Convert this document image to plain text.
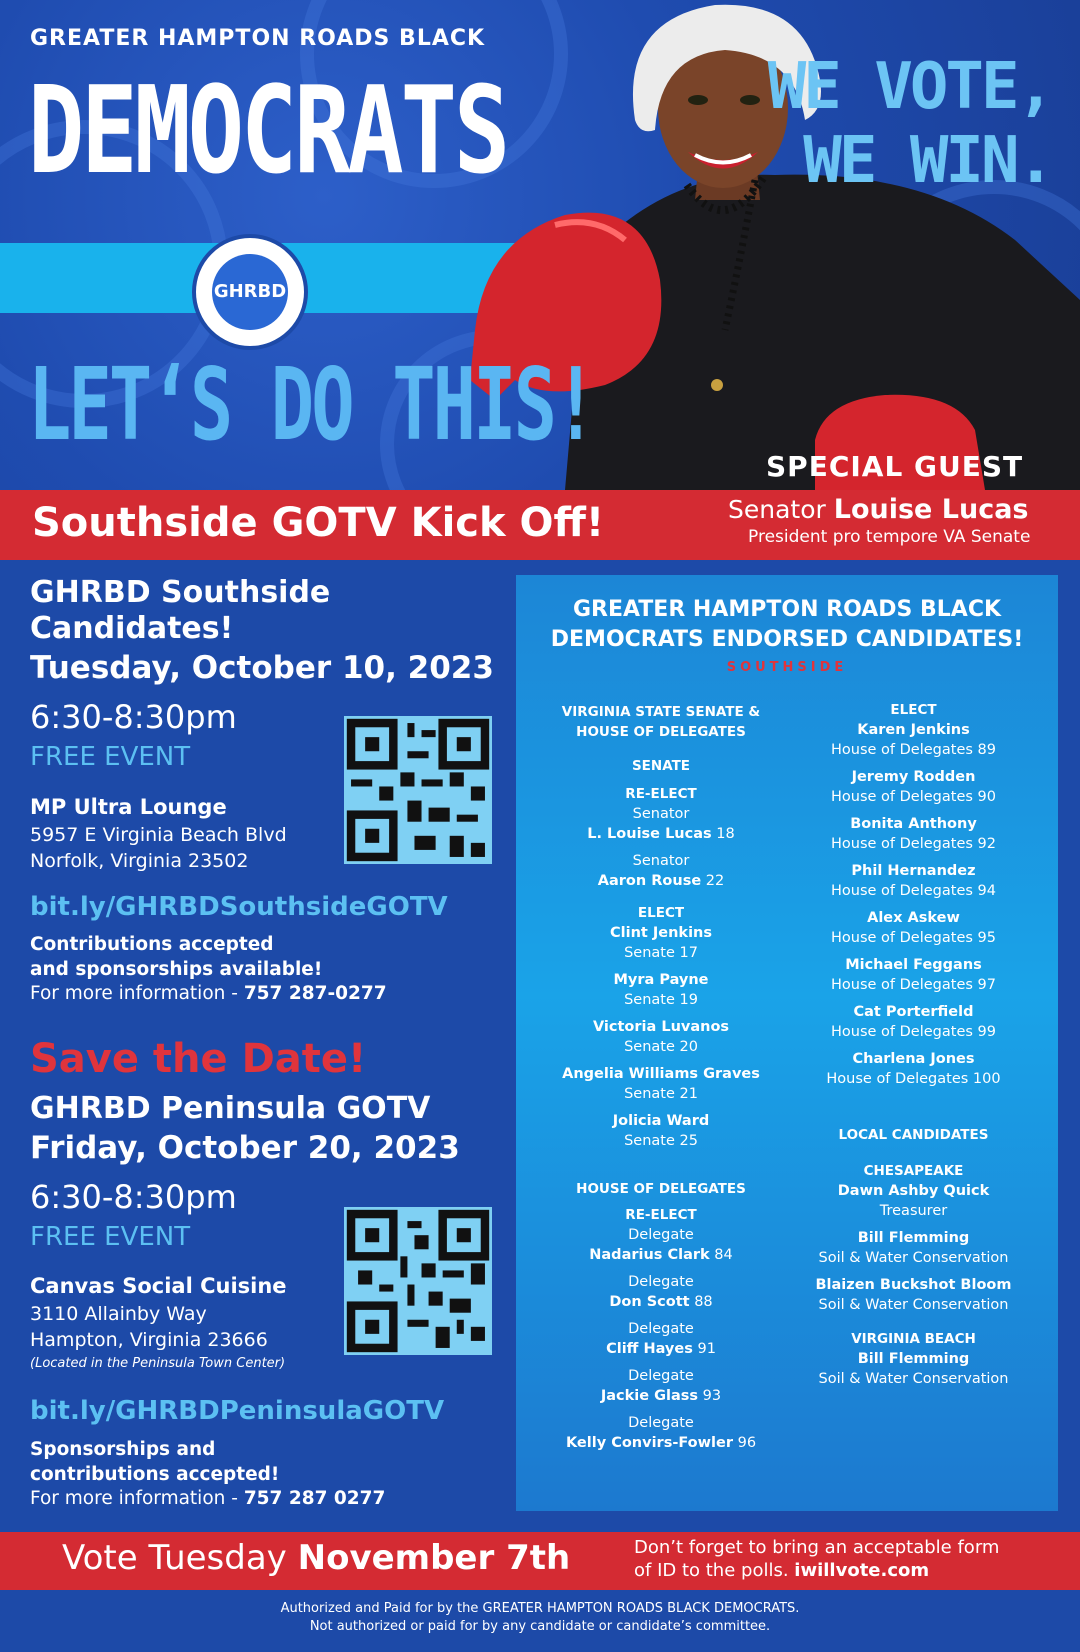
GREATER HAMPTON ROADS BLACK
DEMOCRATS
GHRBD
LET‘S DO THIS!
WE VOTE,
WE WIN.
SPECIAL GUEST
Southside GOTV Kick Off!	Senator Louise Lucas
President pro tempore VA Senate
GHRBD Southside
Candidates!
Tuesday, October 10, 2023
6:30-8:30pm
FREE EVENT
MP Ultra Lounge
5957 E Virginia Beach Blvd
Norfolk, Virginia 23502
bit.ly/GHRBDSouthsideGOTV
Contributions accepted
and sponsorships available!
For more information - 757 287-0277
Save the Date!
GHRBD Peninsula GOTV
Friday, October 20, 2023
6:30-8:30pm
FREE EVENT
Canvas Social Cuisine
3110 Allainby Way
Hampton, Virginia 23666
(Located in the Peninsula Town Center)
bit.ly/GHRBDPeninsulaGOTV
Sponsorships and
contributions accepted!
For more information - 757 287 0277
GREATER HAMPTON ROADS BLACK
DEMOCRATS ENDORSED CANDIDATES!
SOUTHSIDE
VIRGINIA STATE SENATE &
HOUSE OF DELEGATES
SENATE
RE-ELECT
Senator
L. Louise Lucas 18
Senator
Aaron Rouse 22
ELECT
Clint Jenkins
Senate 17
Myra Payne
Senate 19
Victoria Luvanos
Senate 20
Angelia Williams Graves
Senate 21
Jolicia Ward
Senate 25
HOUSE OF DELEGATES
RE-ELECT
Delegate
Nadarius Clark 84
Delegate
Don Scott 88
Delegate
Cliff Hayes 91
Delegate
Jackie Glass 93
Delegate
Kelly Convirs-Fowler 96
ELECT
Karen Jenkins
House of Delegates 89
Jeremy Rodden
House of Delegates 90
Bonita Anthony
House of Delegates 92
Phil Hernandez
House of Delegates 94
Alex Askew
House of Delegates 95
Michael Feggans
House of Delegates 97
Cat Porterfield
House of Delegates 99
Charlena Jones
House of Delegates 100
LOCAL CANDIDATES
CHESAPEAKE
Dawn Ashby Quick
Treasurer
Bill Flemming
Soil & Water Conservation
Blaizen Buckshot Bloom
Soil & Water Conservation
VIRGINIA BEACH
Bill Flemming
Soil & Water Conservation
Vote Tuesday November 7th	Don’t forget to bring an acceptable form
of ID to the polls. iwillvote.com
Authorized and Paid for by the GREATER HAMPTON ROADS BLACK DEMOCRATS.
Not authorized or paid for by any candidate or candidate’s committee.
